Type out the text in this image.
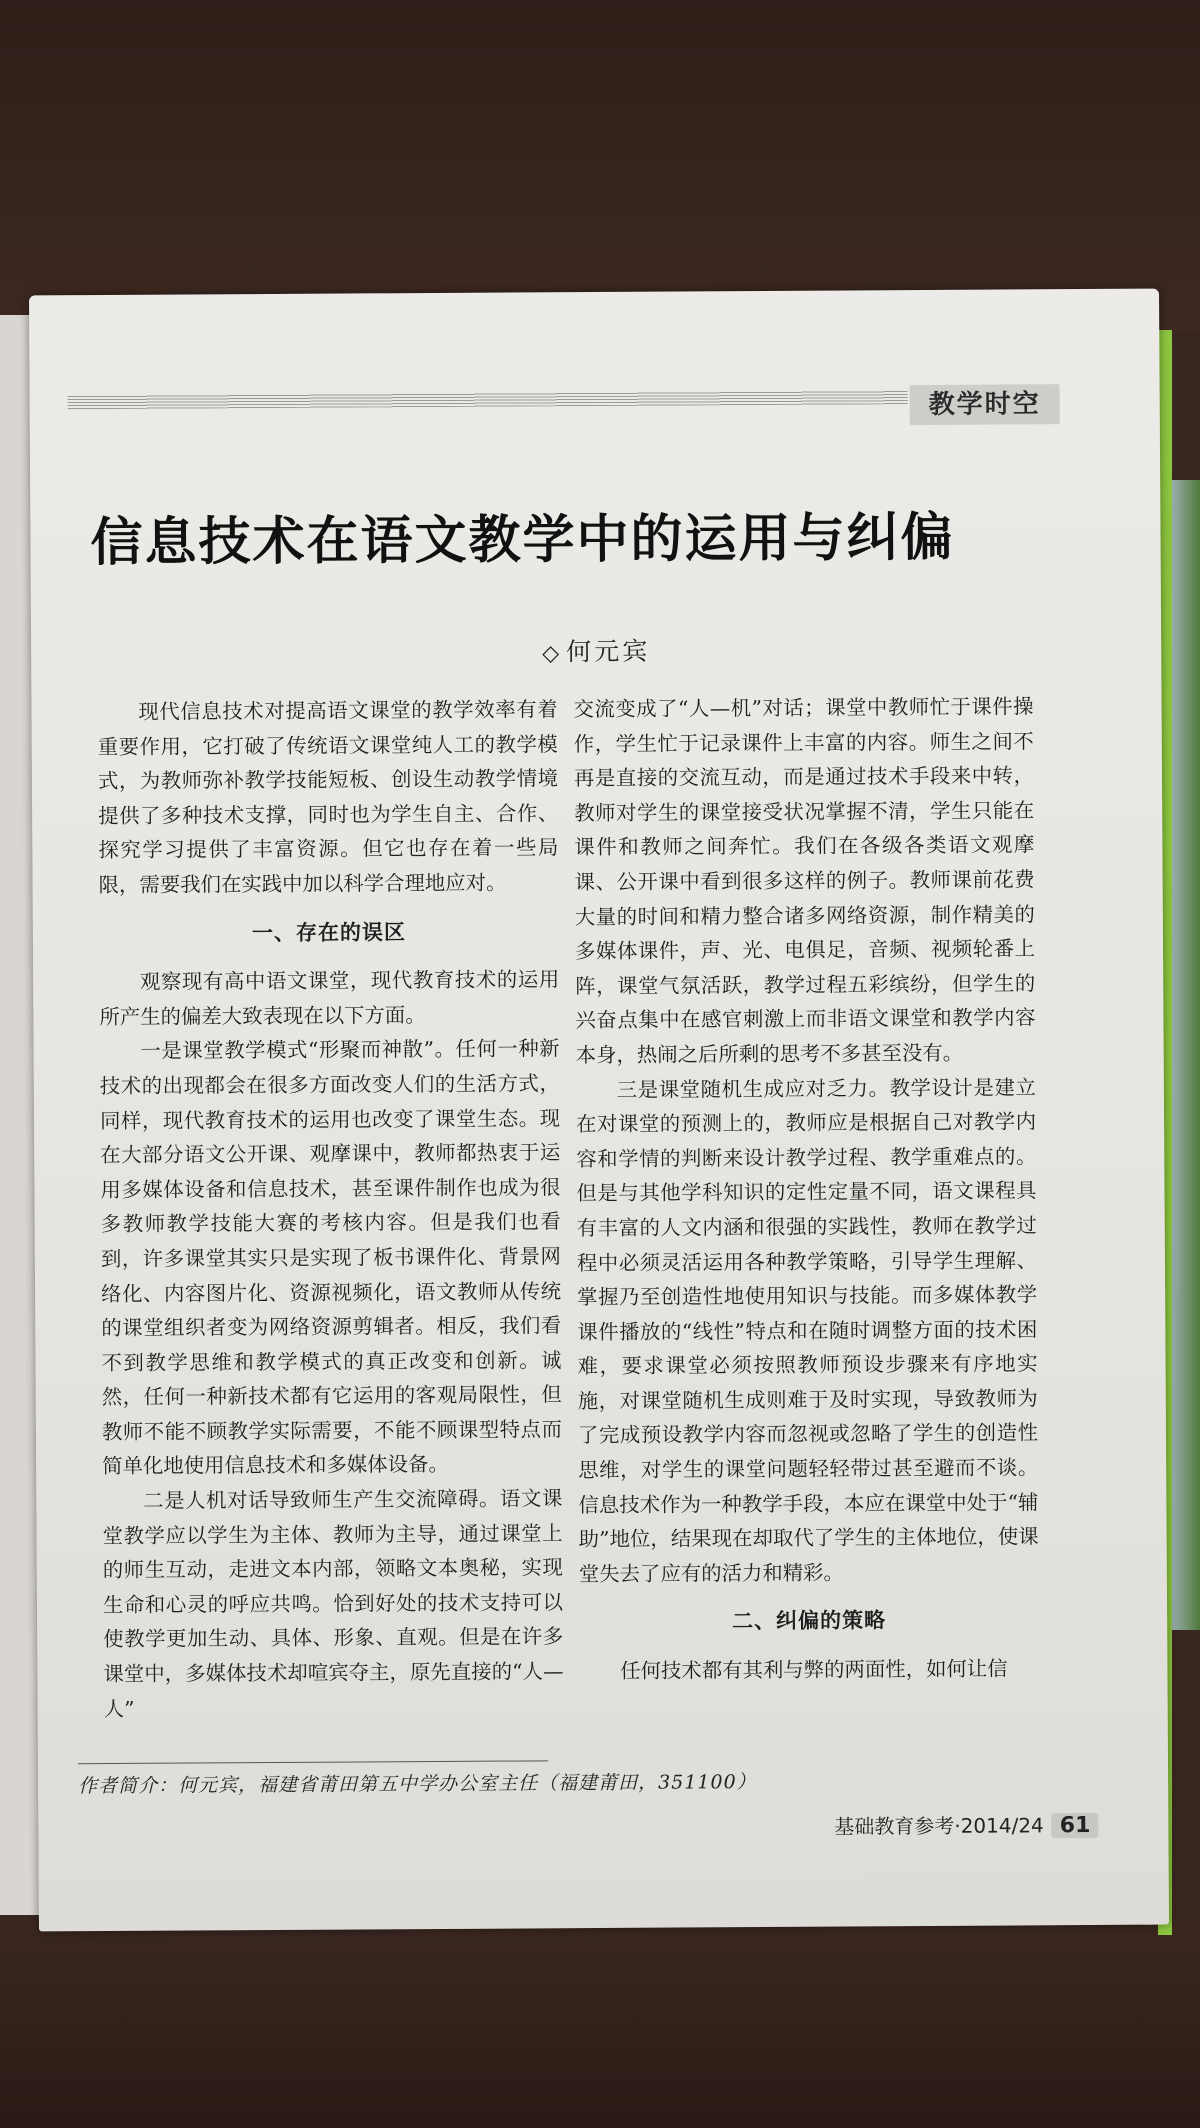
教学时空
信息技术在语文教学中的运用与纠偏
◇ 何元宾

现代信息技术对提高语文课堂的教学效率有着重要作用，它打破了传统语文课堂纯人工的教学模式，为教师弥补教学技能短板、创设生动教学情境提供了多种技术支撑，同时也为学生自主、合作、探究学习提供了丰富资源。但它也存在着一些局限，需要我们在实践中加以科学合理地应对。

一、存在的误区

观察现有高中语文课堂，现代教育技术的运用所产生的偏差大致表现在以下方面。

一是课堂教学模式“形聚而神散”。任何一种新技术的出现都会在很多方面改变人们的生活方式，同样，现代教育技术的运用也改变了课堂生态。现在大部分语文公开课、观摩课中，教师都热衷于运用多媒体设备和信息技术，甚至课件制作也成为很多教师教学技能大赛的考核内容。但是我们也看到，许多课堂其实只是实现了板书课件化、背景网络化、内容图片化、资源视频化，语文教师从传统的课堂组织者变为网络资源剪辑者。相反，我们看不到教学思维和教学模式的真正改变和创新。诚然，任何一种新技术都有它运用的客观局限性，但教师不能不顾教学实际需要，不能不顾课型特点而简单化地使用信息技术和多媒体设备。

二是人机对话导致师生产生交流障碍。语文课堂教学应以学生为主体、教师为主导，通过课堂上的师生互动，走进文本内部，领略文本奥秘，实现生命和心灵的呼应共鸣。恰到好处的技术支持可以使教学更加生动、具体、形象、直观。但是在许多课堂中，多媒体技术却喧宾夺主，原先直接的“人—人”

交流变成了“人—机”对话；课堂中教师忙于课件操作，学生忙于记录课件上丰富的内容。师生之间不再是直接的交流互动，而是通过技术手段来中转，教师对学生的课堂接受状况掌握不清，学生只能在课件和教师之间奔忙。我们在各级各类语文观摩课、公开课中看到很多这样的例子。教师课前花费大量的时间和精力整合诸多网络资源，制作精美的多媒体课件，声、光、电俱足，音频、视频轮番上阵，课堂气氛活跃，教学过程五彩缤纷，但学生的兴奋点集中在感官刺激上而非语文课堂和教学内容本身，热闹之后所剩的思考不多甚至没有。

三是课堂随机生成应对乏力。教学设计是建立在对课堂的预测上的，教师应是根据自己对教学内容和学情的判断来设计教学过程、教学重难点的。但是与其他学科知识的定性定量不同，语文课程具有丰富的人文内涵和很强的实践性，教师在教学过程中必须灵活运用各种教学策略，引导学生理解、掌握乃至创造性地使用知识与技能。而多媒体教学课件播放的“线性”特点和在随时调整方面的技术困难，要求课堂必须按照教师预设步骤来有序地实施，对课堂随机生成则难于及时实现，导致教师为了完成预设教学内容而忽视或忽略了学生的创造性思维，对学生的课堂问题轻轻带过甚至避而不谈。信息技术作为一种教学手段，本应在课堂中处于“辅助”地位，结果现在却取代了学生的主体地位，使课堂失去了应有的活力和精彩。

二、纠偏的策略

任何技术都有其利与弊的两面性，如何让信

作者简介：何元宾，福建省莆田第五中学办公室主任（福建莆田，351100）
基础教育参考·2014/24 61
